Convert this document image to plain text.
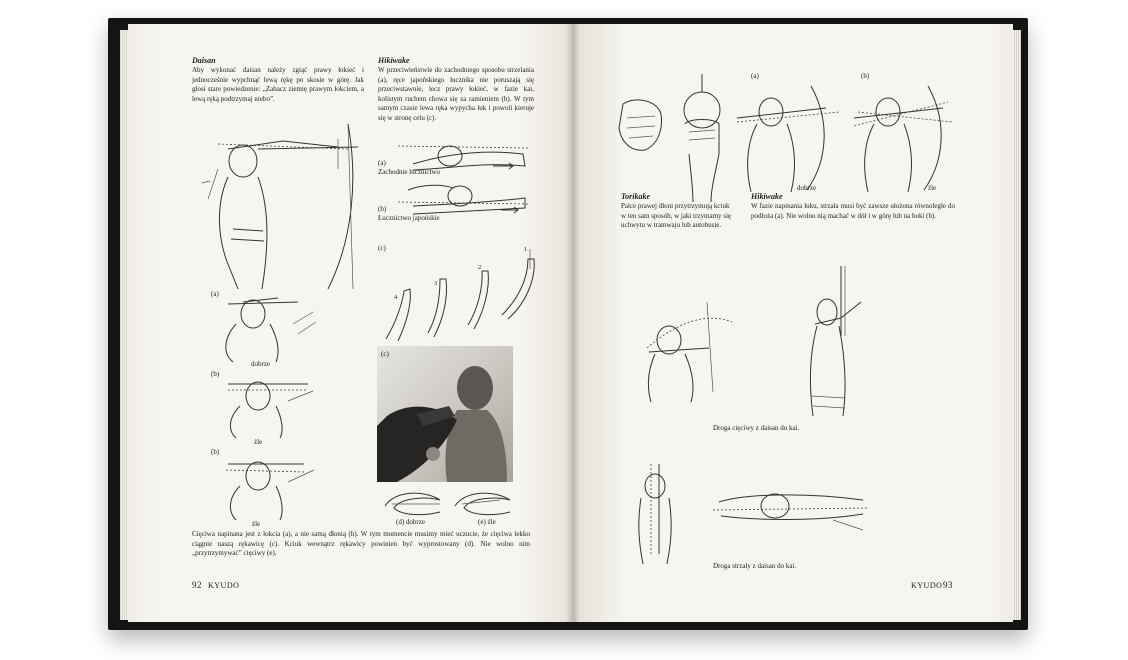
Daisan
Aby wykonać daisan należy zgiąć prawy łokieć i jednocześnie wypchnąć lewą rękę po skosie w górę. Jak głosi stare powiedzenie: „Zabacz ziemię prawym łokciem, a lewą ręką podtrzymaj niebo”.
(a)
dobrze
(b)
źle
(b)
źle
Hikiwake
W przeciwieństwie do zachodniego sposobu strzelania (a), ręce japońskiego łucznika nie poruszają się przeciwstawnie, lecz prawy łokieć, w fazie kai, kolistym ruchem chowa się za ramieniem (b). W tym samym czasie lewa ręka wypycha łuk i powoli kieruje się w stronę celu (c).
(a)
Zachodnie łucznictwo
(b)
Łucznictwo japońskie
(c)
4
3
2
1
(c)
(d) dobrze	(e) źle
Cięciwa napinana jest z łokcia (a), a nie samą dłonią (b). W tym momencie musimy mieć uczucie, że cięciwa lekko ciągnie naszą rękawicę (c). Kciuk wewnątrz rękawicy powinien być wyprostowany (d). Nie wolno nim „przytrzymywać” cięciwy (e).
92 KYUDO
(a)	(b)
dobrze	źle
Torikake
Palce prawej dłoni przytrzymują kciuk w ten sam sposób, w jaki trzymamy się uchwytu w tramwaju lub autobusie.
Hikiwake
W fazie napinania łuku, strzała musi być zawsze ułożona równolegle do podłoża (a). Nie wolno nią machać w dół i w górę lub na boki (b).
Droga cięciwy z daisan do kai.
Droga strzały z daisan do kai.
KYUDO 93
